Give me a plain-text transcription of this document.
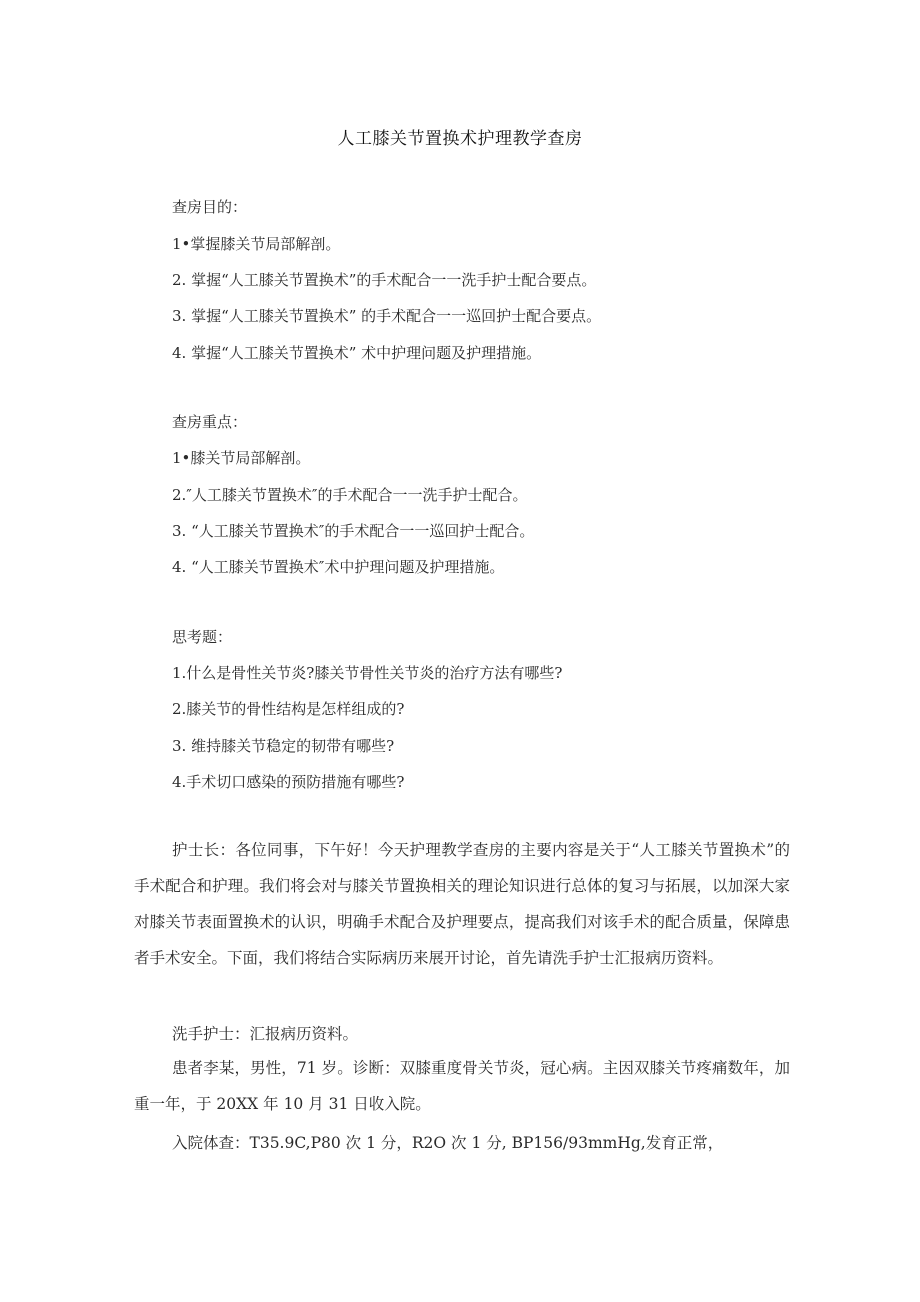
人工膝关节置换术护理教学查房
查房目的：
1•掌握膝关节局部解剖。
2. 掌握“人工膝关节置换术”的手术配合一一洗手护士配合要点。
3. 掌握“人工膝关节置换术” 的手术配合一一巡回护士配合要点。
4. 掌握“人工膝关节置换术” 术中护理问题及护理措施。
查房重点：
1•膝关节局部解剖。
2.″人工膝关节置换术″的手术配合一一洗手护士配合。
3. “人工膝关节置换术″的手术配合一一巡回护士配合。
4. “人工膝关节置换术″术中护理问题及护理措施。
思考题：
1.什么是骨性关节炎?膝关节骨性关节炎的治疗方法有哪些?
2.膝关节的骨性结构是怎样组成的?
3. 维持膝关节稳定的韧带有哪些?
4.手术切口感染的预防措施有哪些?
护士长：各位同事，下午好！今天护理教学查房的主要内容是关于“人工膝关节置换术”的手术配合和护理。我们将会对与膝关节置换相关的理论知识进行总体的复习与拓展，以加深大家对膝关节表面置换术的认识，明确手术配合及护理要点，提高我们对该手术的配合质量，保障患者手术安全。下面，我们将结合实际病历来展开讨论，首先请洗手护士汇报病历资料。
洗手护士：汇报病历资料。
患者李某，男性，71 岁。诊断：双膝重度骨关节炎，冠心病。主因双膝关节疼痛数年，加重一年，于 20XX 年 10 月 31 日收入院。
入院体查：T35.9C,P80 次 1 分，R2O 次 1 分, BP156∕93mmHg,发育正常，
